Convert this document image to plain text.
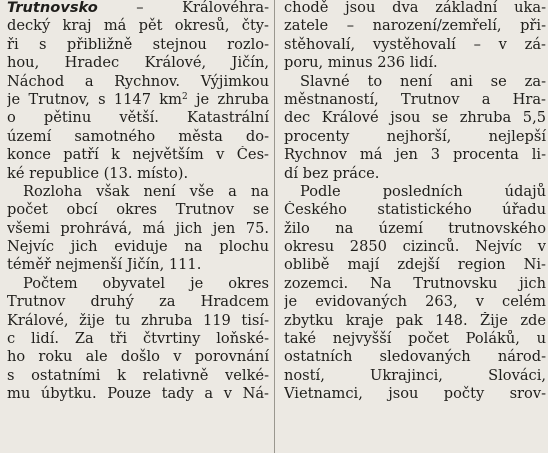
Trutnovsko	– Královéhra-
decký kraj má pět okresů, čty-
ři s přibližně stejnou rozlo-
hou, Hradec Králové, Jičín,
Náchod a Rychnov. Výjimkou
je Trutnov, s 1147 $km^2$ je zhruba
o pětinu větší. Katastrální
území samotného města do-
konce patří k největším v Čes-
ké republice (13. místo).
Rozloha však není vše a na
počet obcí okres Trutnov se
všemi prohrává, má jich jen 75.
Nejvíc jich eviduje na plochu
téměř nejmenší Jičín, 111.
Počtem obyvatel je okres
Trutnov druhý za Hradcem
Králové, žije tu zhruba 119 tisí-
c lidí. Za tři čtvrtiny loňské-
ho roku ale došlo v porovnání
s ostatními k relativně velké-
mu úbytku. Pouze tady a v Ná-
chodě jsou dva základní uka-
zatele – narození/zemřelí, při-
stěhovalí, vystěhovalí – v zá-
poru, minus 236 lidí.
Slavné to není ani se za-
městnaností, Trutnov a Hra-
dec Králové jsou se zhruba 5,5
procenty nejhorší, nejlepší
Rychnov má jen 3 procenta li-
dí bez práce.
Podle posledních údajů
Českého statistického úřadu
žilo na území trutnovského
okresu 2850 cizinců. Nejvíc v
oblibě mají zdejší region Ni-
zozemci. Na Trutnovsku jich
je evidovaných 263, v celém
zbytku kraje pak 148. Žije zde
také nejvyšší počet Poláků, u
ostatních sledovaných národ-
ností, Ukrajinci, Slováci,
Vietnamci, jsou počty srov-
